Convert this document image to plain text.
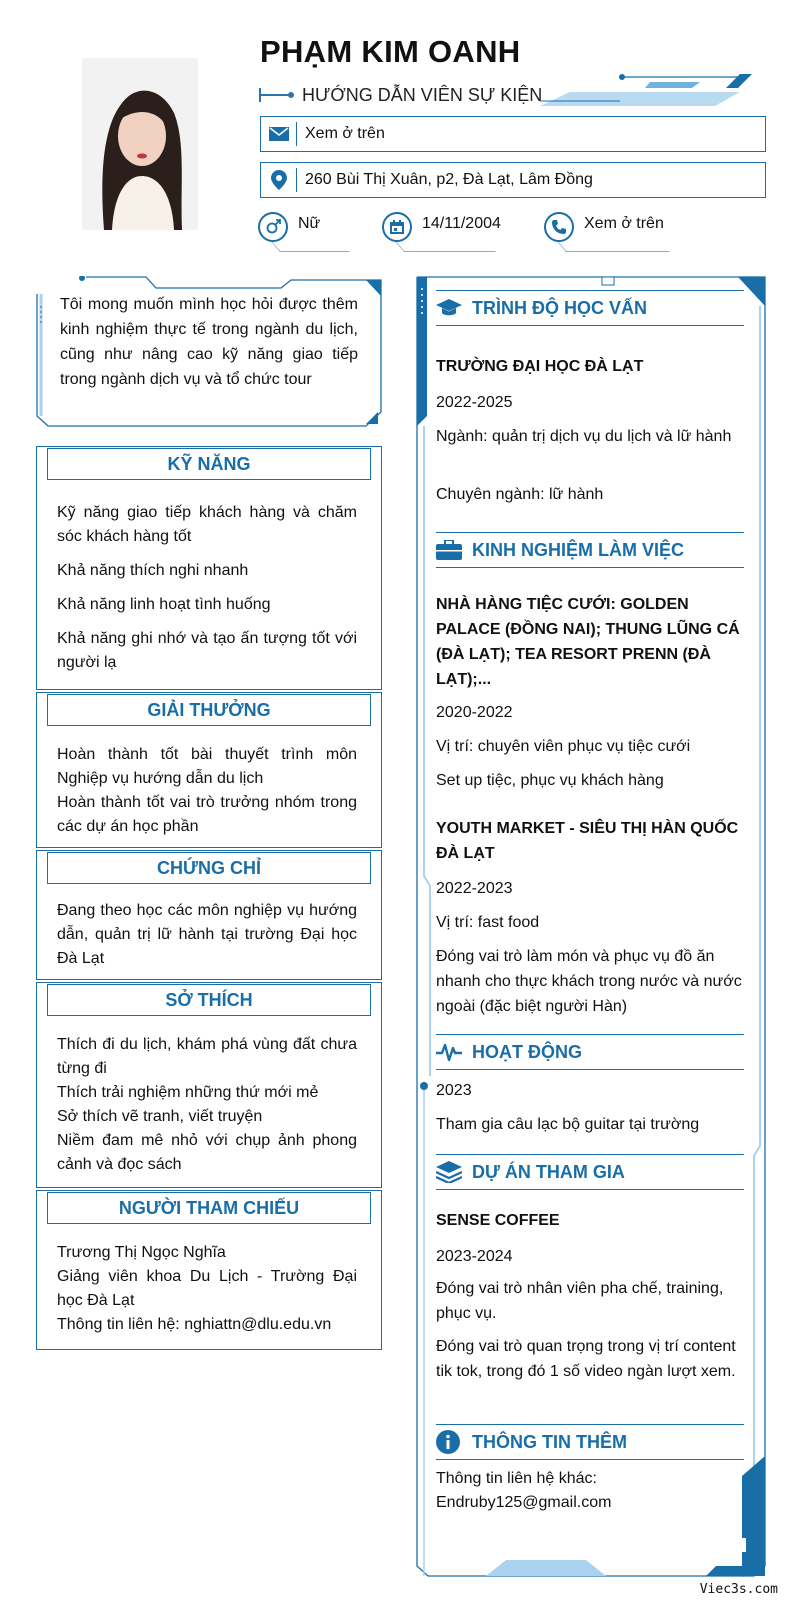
PHẠM KIM OANH
HƯỚNG DẪN VIÊN SỰ KIỆN
Xem ở trên
260 Bùi Thị Xuân, p2, Đà Lạt, Lâm Đồng
Nữ	14/11/2004	Xem ở trên

Tôi mong muốn mình học hỏi được thêm kinh nghiệm thực tế trong ngành du lịch, cũng như nâng cao kỹ năng giao tiếp trong ngành dịch vụ và tổ chức tour

KỸ NĂNG
Kỹ năng giao tiếp khách hàng và chăm sóc khách hàng tốt
Khả năng thích nghi nhanh
Khả năng linh hoạt tình huống
Khả năng ghi nhớ và tạo ấn tượng tốt với người lạ
GIẢI THƯỞNG
Hoàn thành tốt bài thuyết trình môn Nghiệp vụ hướng dẫn du lịch
Hoàn thành tốt vai trò trưởng nhóm trong các dự án học phần
CHỨNG CHỈ
Đang theo học các môn nghiệp vụ hướng dẫn, quản trị lữ hành tại trường Đại học Đà Lạt
SỞ THÍCH
Thích đi du lịch, khám phá vùng đất chưa từng đi
Thích trải nghiệm những thứ mới mẻ
Sở thích vẽ tranh, viết truyện
Niềm đam mê nhỏ với chụp ảnh phong cảnh và đọc sách
NGƯỜI THAM CHIẾU
Trương Thị Ngọc Nghĩa
Giảng viên khoa Du Lịch - Trường Đại học Đà Lạt
Thông tin liên hệ: nghiattn@dlu.edu.vn
TRÌNH ĐỘ HỌC VẤN
TRƯỜNG ĐẠI HỌC ĐÀ LẠT
2022-2025
Ngành: quản trị dịch vụ du lịch và lữ hành
Chuyên ngành: lữ hành
KINH NGHIỆM LÀM VIỆC
NHÀ HÀNG TIỆC CƯỚI: GOLDEN PALACE (ĐỒNG NAI); THUNG LŨNG CÁ (ĐÀ LẠT); TEA RESORT PRENN (ĐÀ LẠT);...
2020-2022
Vị trí: chuyên viên phục vụ tiệc cưới
Set up tiệc, phục vụ khách hàng
YOUTH MARKET - SIÊU THỊ HÀN QUỐC ĐÀ LẠT
2022-2023
Vị trí: fast food
Đóng vai trò làm món và phục vụ đồ ăn nhanh cho thực khách trong nước và nước ngoài (đặc biệt người Hàn)
HOẠT ĐỘNG
2023
Tham gia câu lạc bộ guitar tại trường
DỰ ÁN THAM GIA
SENSE COFFEE
2023-2024
Đóng vai trò nhân viên pha chế, training, phục vụ.
Đóng vai trò quan trọng trong vị trí content tik tok, trong đó 1 số video ngàn lượt xem.
THÔNG TIN THÊM
Thông tin liên hệ khác:
Endruby125@gmail.com
Viec3s.com
